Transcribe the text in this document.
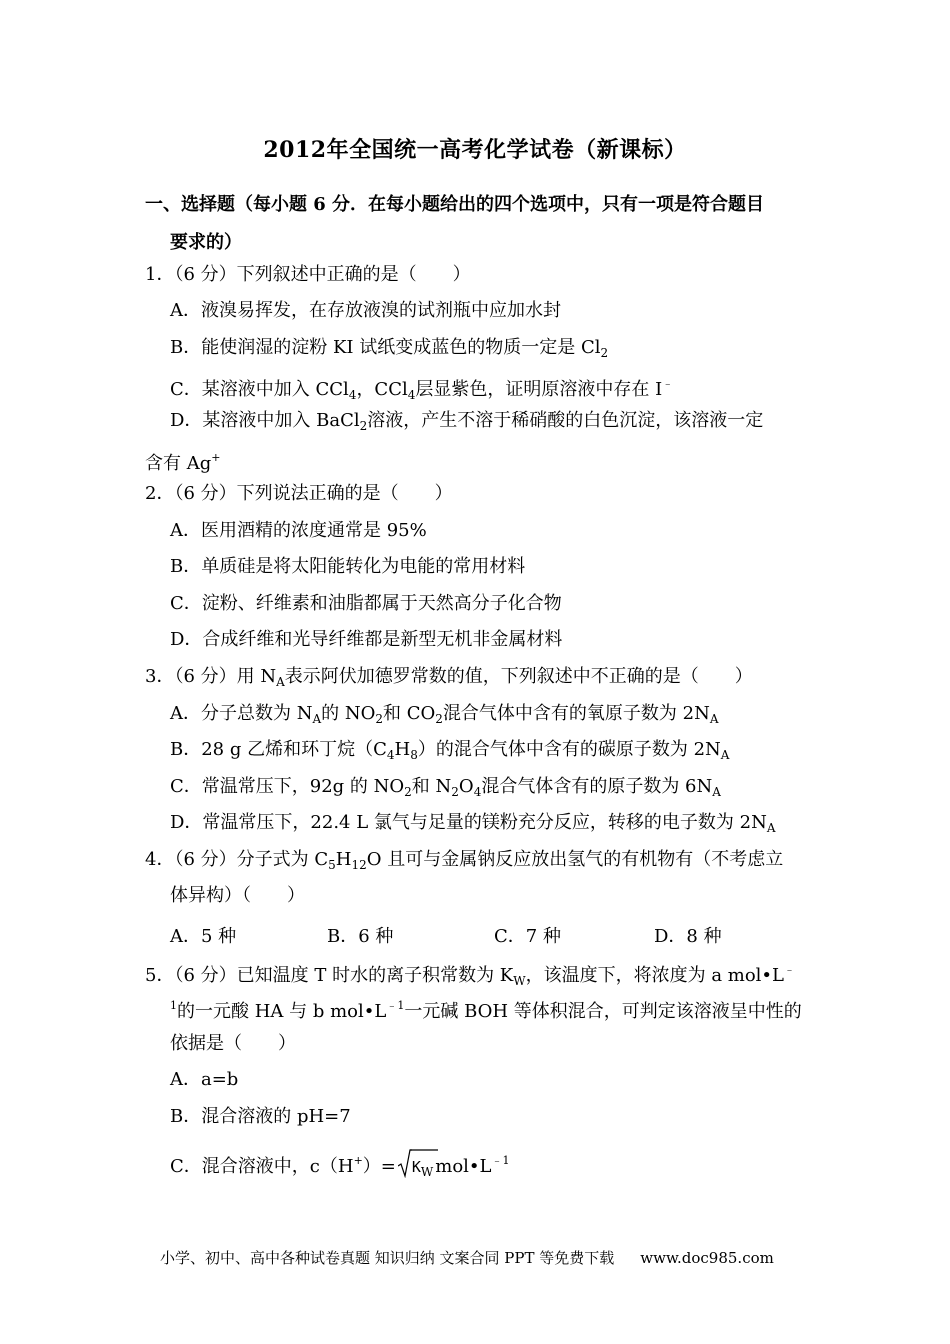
2012年全国统一高考化学试卷（新课标）
一、选择题（每小题 6 分．在每小题给出的四个选项中，只有一项是符合题目
要求的）
1．（6 分）下列叙述中正确的是（　　）
A．液溴易挥发，在存放液溴的试剂瓶中应加水封
B．能使润湿的淀粉 KI 试纸变成蓝色的物质一定是 $Cl_2$
C．某溶液中加入 CCl$_4$，CCl$_4$层显紫色，证明原溶液中存在 I﹣
D．某溶液中加入 BaCl$_2$溶液，产生不溶于稀硝酸的白色沉淀，该溶液一定
含有 Ag+
2．（6 分）下列说法正确的是（　　）
A．医用酒精的浓度通常是 95%
B．单质硅是将太阳能转化为电能的常用材料
C．淀粉、纤维素和油脂都属于天然高分子化合物
D．合成纤维和光导纤维都是新型无机非金属材料
3．（6 分）用 $N_A$表示阿伏加德罗常数的值，下列叙述中不正确的是（　　）
A．分子总数为 $N_A$的 $NO_2$和 $CO_2$混合气体中含有的氧原子数为 $2N_A$
B．28 g 乙烯和环丁烷$(C_4H_8)$的混合气体中含有的碳原子数为 $2N_A$
C．常温常压下，92g 的 $NO_2$和 $N_2O_4$混合气体含有的原子数为 $6N_A$
D．常温常压下，22.4 L 氯气与足量的镁粉充分反应，转移的电子数为 $2N_A$
4．（6 分）分子式为 $C_5H_{12}O$ 且可与金属钠反应放出氢气的有机物有（不考虑立
体异构）（　　）
A．5 种	B．6 种	C．7 种	D．8 种
5．（6 分）已知温度 T 时水的离子积常数为 $K_W$，该温度下，将浓度为 a mol•L﹣
$^1$的一元酸 HA 与 b $mol•L^{﹣1}$一元碱 BOH 等体积混合，可判定该溶液呈中性的
依据是（　　）
A．a=b
B．混合溶液的 pH=7
C．混合溶液中，$c(H^+)= K_W$ $mol•L^{﹣1}$
小学、初中、高中各种试卷真题 知识归纳 文案合同 PPT 等免费下载 www.doc985.com
